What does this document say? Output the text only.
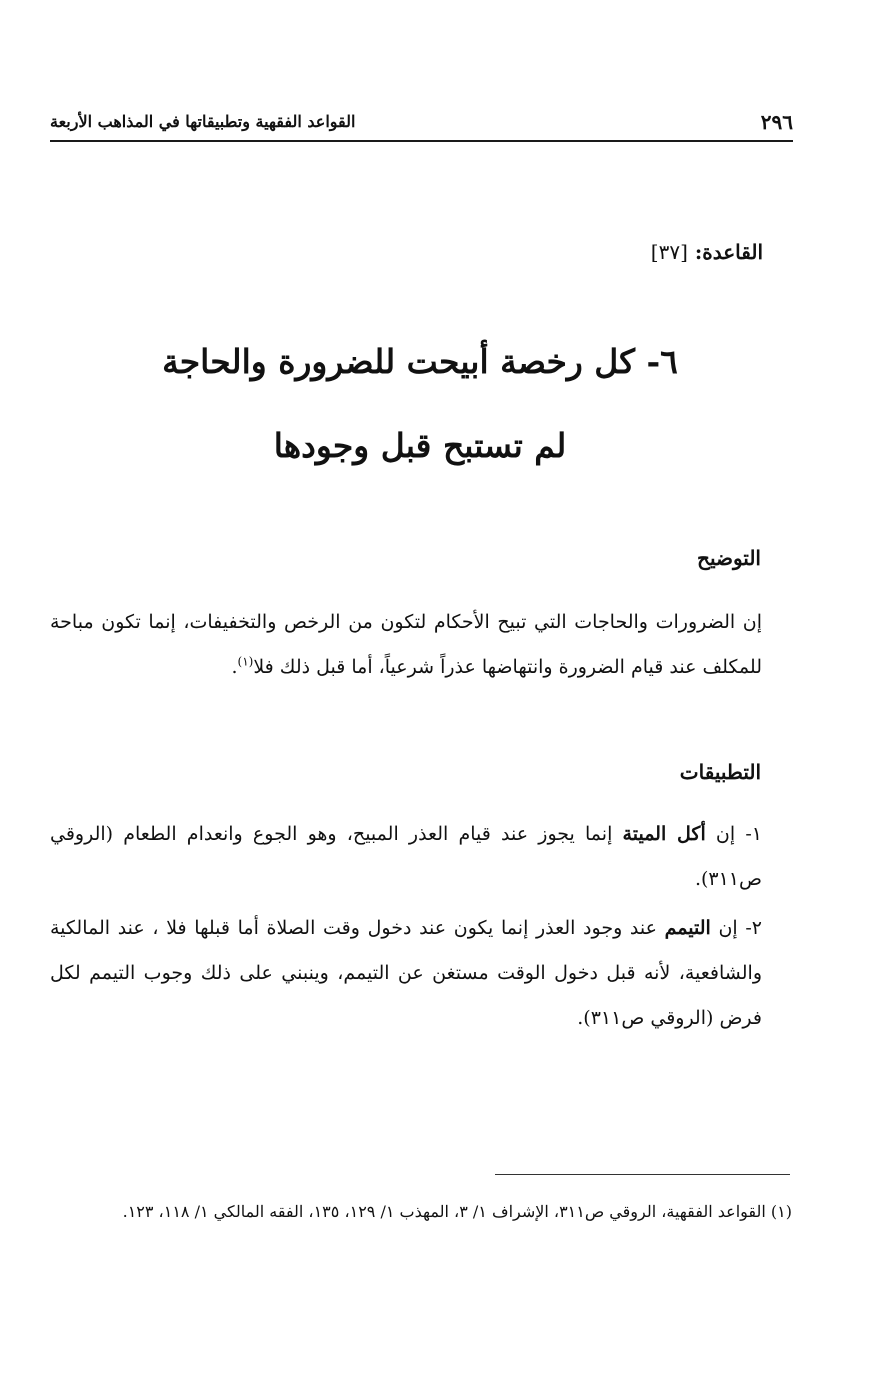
٢٩٦
القواعد الفقهية وتطبيقاتها في المذاهب الأربعة
القاعدة: [٣٧]
٦- كل رخصة أبيحت للضرورة والحاجة
لم تستبح قبل وجودها
التوضيح
إن الضرورات والحاجات التي تبيح الأحكام لتكون من الرخص والتخفيفات، إنما تكون مباحة للمكلف عند قيام الضرورة وانتهاضها عذراً شرعياً، أما قبل ذلك فلا$^{(١)}$.
التطبيقات
١- إن أكل الميتة إنما يجوز عند قيام العذر المبيح، وهو الجوع وانعدام الطعام (الروقي ص٣١١).
٢- إن التيمم عند وجود العذر إنما يكون عند دخول وقت الصلاة أما قبلها فلا ، عند المالكية والشافعية، لأنه قبل دخول الوقت مستغن عن التيمم، وينبني على ذلك وجوب التيمم لكل فرض (الروقي ص٣١١).
(١) القواعد الفقهية، الروقي ص٣١١، الإشراف ١/ ٣، المهذب ١/ ١٢٩، ١٣٥، الفقه المالكي ١/ ١١٨، ١٢٣.
